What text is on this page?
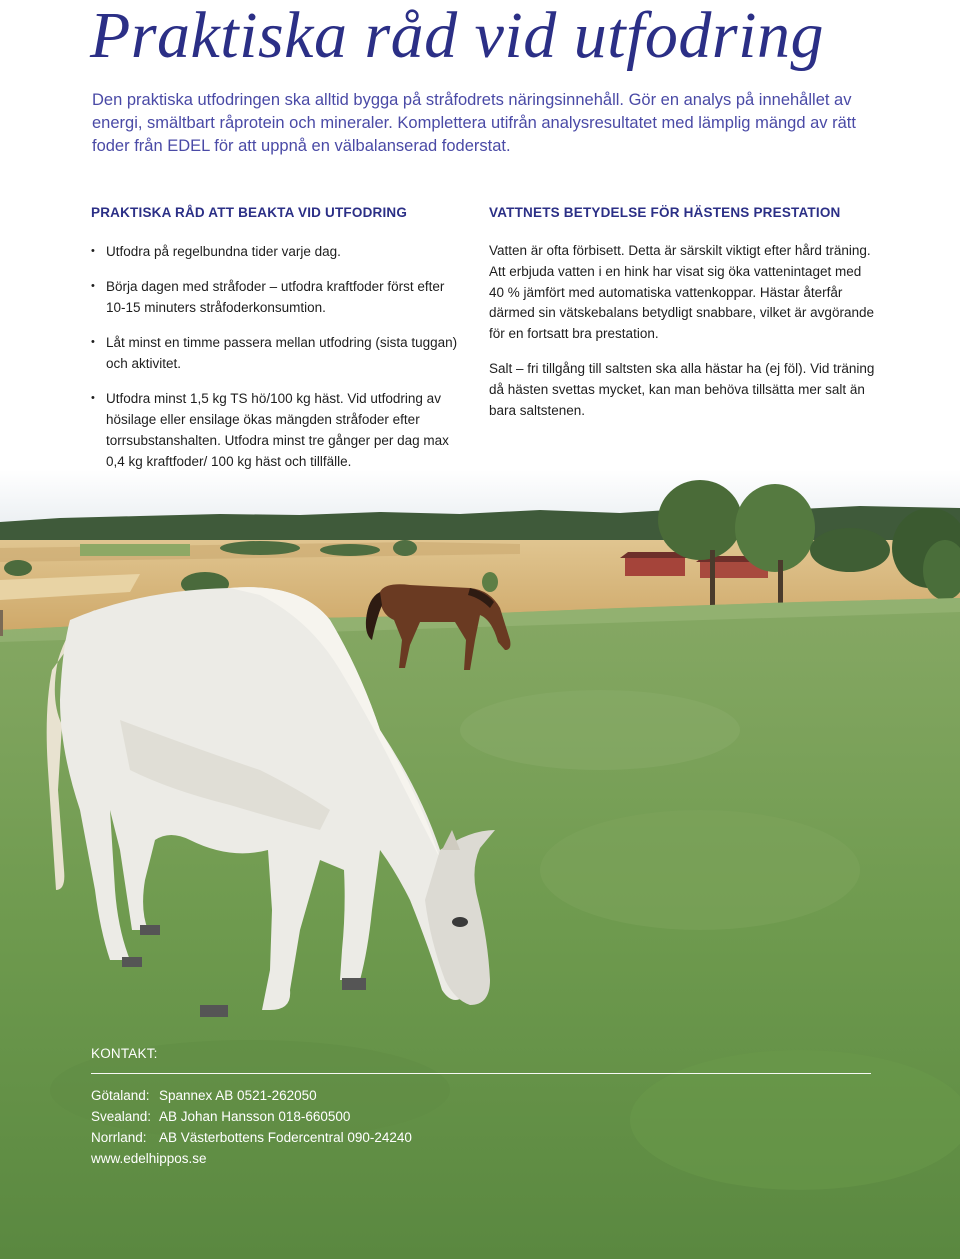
Praktiska råd vid utfodring

Den praktiska utfodringen ska alltid bygga på stråfodrets näringsinnehåll. Gör en analys på innehållet av energi, smältbart råprotein och mineraler. Komplettera utifrån analysresultatet med lämplig mängd av rätt foder från EDEL för att uppnå en välbalanserad foderstat.

PRAKTISKA RÅD ATT BEAKTA VID UTFODRING
• Utfodra på regelbundna tider varje dag.
• Börja dagen med stråfoder – utfodra kraftfoder först efter 10-15 minuters stråfoderkonsumtion.
• Låt minst en timme passera mellan utfodring (sista tuggan) och aktivitet.
• Utfodra minst 1,5 kg TS hö/100 kg häst. Vid utfodring av hösilage eller ensilage ökas mängden stråfoder efter torrsubstanshalten. Utfodra minst tre gånger per dag max 0,4 kg kraftfoder/ 100 kg häst och tillfälle.
VATTNETS BETYDELSE FÖR HÄSTENS PRESTATION

Vatten är ofta förbisett. Detta är särskilt viktigt efter hård träning. Att erbjuda vatten i en hink har visat sig öka vattenintaget med 40 % jämfört med automatiska vattenkoppar. Hästar återfår därmed sin vätskebalans betydligt snabbare, vilket är avgörande för en fortsatt bra prestation.

Salt – fri tillgång till saltsten ska alla hästar ha (ej föl). Vid träning då hästen svettas mycket, kan man behöva tillsätta mer salt än bara saltstenen.

KONTAKT:

Götaland: Spannex AB 0521-262050
Svealand: AB Johan Hansson 018-660500
Norrland: AB Västerbottens Fodercentral 090-24240
www.edelhippos.se
